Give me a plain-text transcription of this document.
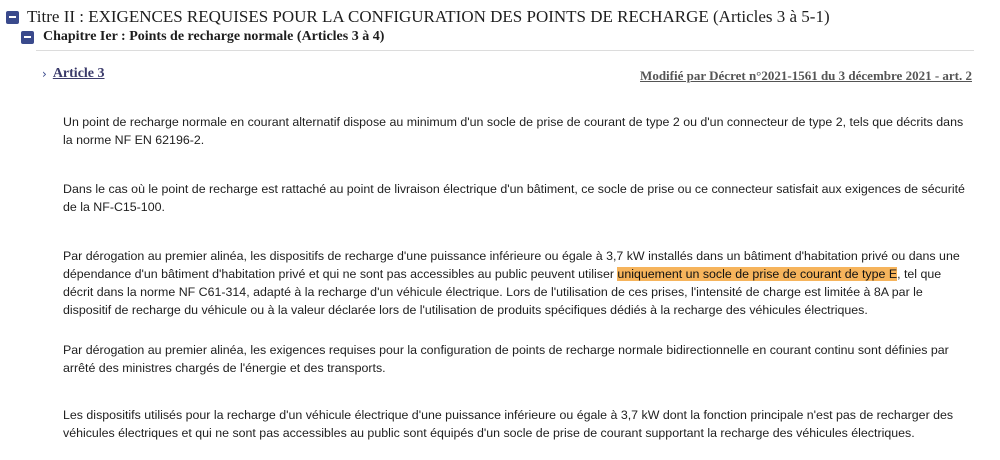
Titre II : EXIGENCES REQUISES POUR LA CONFIGURATION DES POINTS DE RECHARGE (Articles 3 à 5-1)
Chapitre Ier : Points de recharge normale (Articles 3 à 4)
› Article 3	Modifié par Décret n°2021-1561 du 3 décembre 2021 - art. 2

Un point de recharge normale en courant alternatif dispose au minimum d'un socle de prise de courant de type 2 ou d'un connecteur de type 2, tels que décrits dans la norme NF EN 62196-2.

Dans le cas où le point de recharge est rattaché au point de livraison électrique d'un bâtiment, ce socle de prise ou ce connecteur satisfait aux exigences de sécurité de la NF-C15-100.

Par dérogation au premier alinéa, les dispositifs de recharge d'une puissance inférieure ou égale à 3,7 kW installés dans un bâtiment d'habitation privé ou dans une dépendance d'un bâtiment d'habitation privé et qui ne sont pas accessibles au public peuvent utiliser uniquement un socle de prise de courant de type E, tel que décrit dans la norme NF C61-314, adapté à la recharge d'un véhicule électrique. Lors de l'utilisation de ces prises, l'intensité de charge est limitée à 8A par le dispositif de recharge du véhicule ou à la valeur déclarée lors de l'utilisation de produits spécifiques dédiés à la recharge des véhicules électriques.

Par dérogation au premier alinéa, les exigences requises pour la configuration de points de recharge normale bidirectionnelle en courant continu sont définies par arrêté des ministres chargés de l'énergie et des transports.

Les dispositifs utilisés pour la recharge d'un véhicule électrique d'une puissance inférieure ou égale à 3,7 kW dont la fonction principale n'est pas de recharger des véhicules électriques et qui ne sont pas accessibles au public sont équipés d'un socle de prise de courant supportant la recharge des véhicules électriques.
